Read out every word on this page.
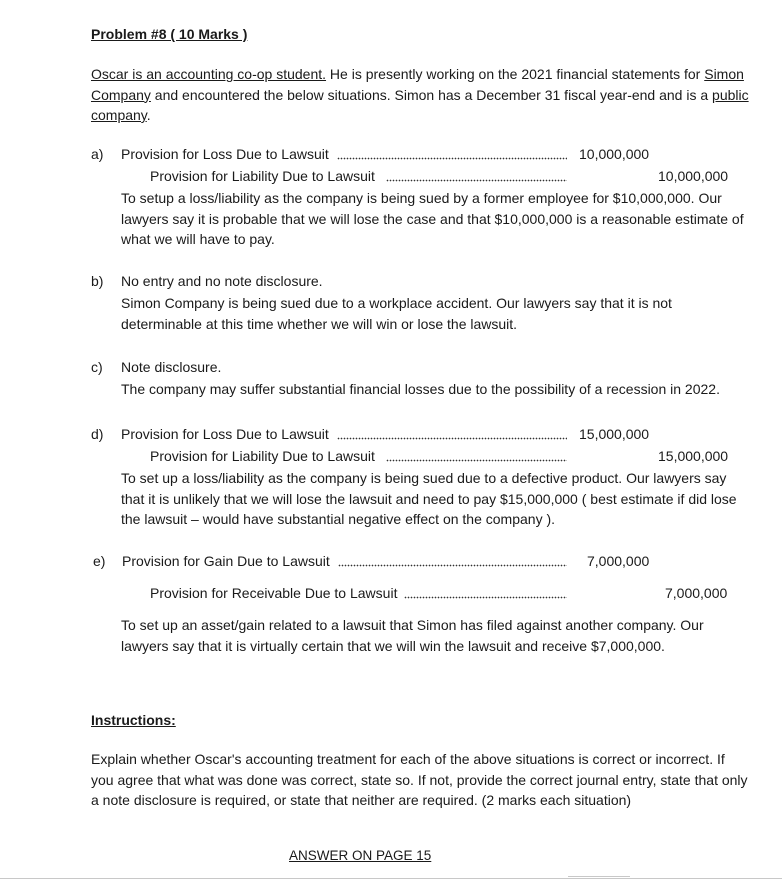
Problem #8 ( 10 Marks )
Oscar is an accounting co-op student. He is presently working on the 2021 financial statements for Simon Company and encountered the below situations. Simon has a December 31 fiscal year-end and is a public company.
a) Provision for Loss Due to Lawsuit	10,000,000
Provision for Liability Due to Lawsuit	10,000,000
To setup a loss/liability as the company is being sued by a former employee for $10,000,000. Our lawyers say it is probable that we will lose the case and that $10,000,000 is a reasonable estimate of what we will have to pay.
b) No entry and no note disclosure.
Simon Company is being sued due to a workplace accident. Our lawyers say that it is not determinable at this time whether we will win or lose the lawsuit.
c) Note disclosure.
The company may suffer substantial financial losses due to the possibility of a recession in 2022.
d) Provision for Loss Due to Lawsuit	15,000,000
Provision for Liability Due to Lawsuit	15,000,000
To set up a loss/liability as the company is being sued due to a defective product. Our lawyers say that it is unlikely that we will lose the lawsuit and need to pay $15,000,000 ( best estimate if did lose the lawsuit – would have substantial negative effect on the company ).
e) Provision for Gain Due to Lawsuit	7,000,000
Provision for Receivable Due to Lawsuit	7,000,000
To set up an asset/gain related to a lawsuit that Simon has filed against another company. Our lawyers say that it is virtually certain that we will win the lawsuit and receive $7,000,000.
Instructions:
Explain whether Oscar's accounting treatment for each of the above situations is correct or incorrect. If you agree that what was done was correct, state so. If not, provide the correct journal entry, state that only a note disclosure is required, or state that neither are required. (2 marks each situation)
ANSWER ON PAGE 15
